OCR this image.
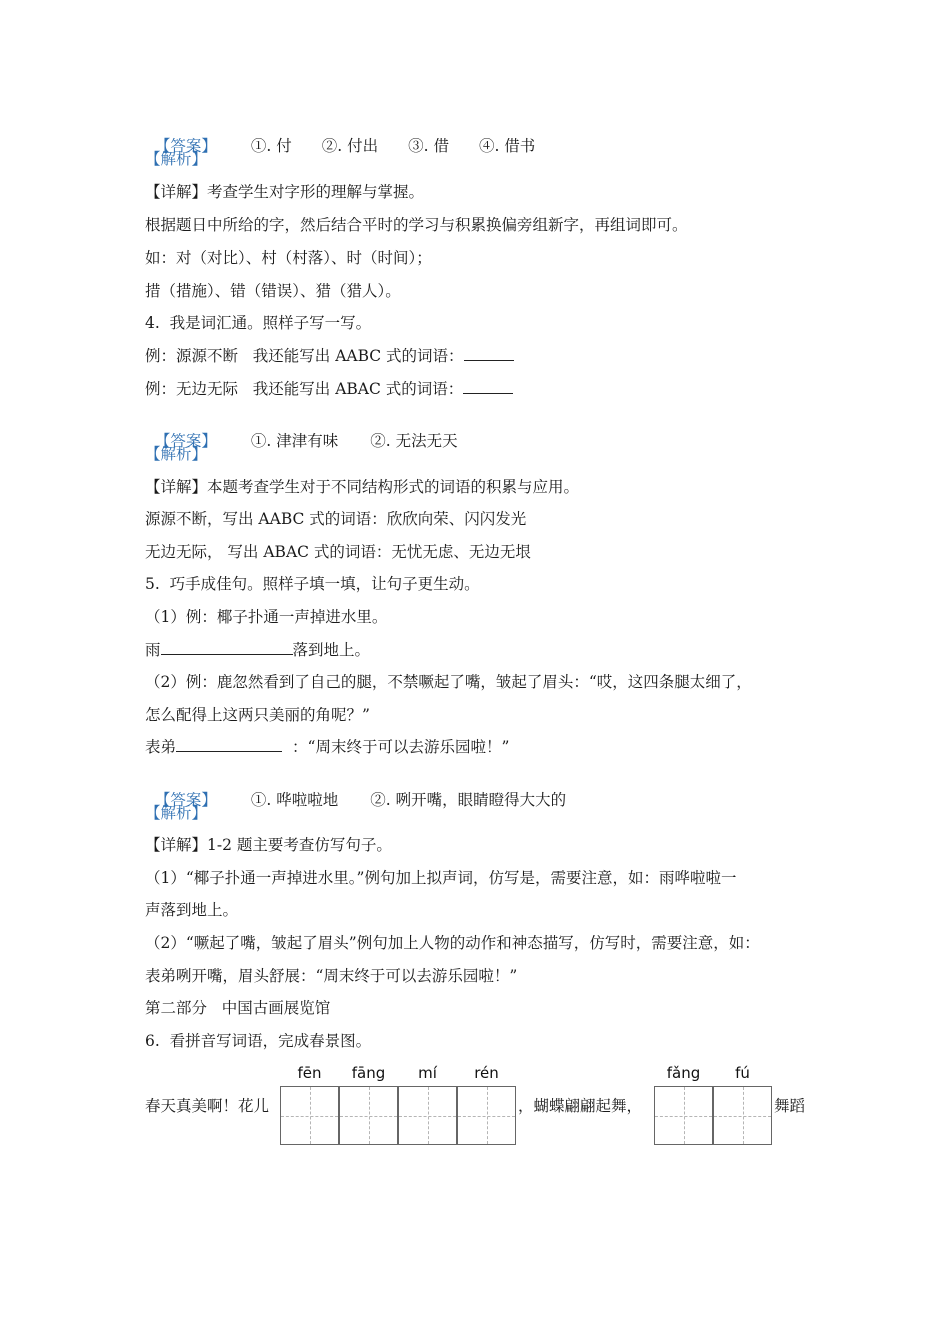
【答案】 ①. 付 ②. 付出 ③. 借 ④. 借书

【解析】
【详解】考查学生对字形的理解与掌握。
根据题日中所给的字，然后结合平时的学习与积累换偏旁组新字，再组词即可。
如：对（对比）、村（村落）、时（时间）；
措（措施）、错（错误）、猎（猎人）。
4.  我是词汇通。照样子写一写。
例：源源不断   我还能写出 AABC 式的词语：
例：无边无际   我还能写出 ABAC 式的词语：

【答案】 ①. 津津有味 ②. 无法无天

【解析】
【详解】本题考查学生对于不同结构形式的词语的积累与应用。
源源不断，写出 AABC 式的词语：欣欣向荣、闪闪发光
无边无际， 写出 ABAC 式的词语：无忧无虑、无边无垠
5.  巧手成佳句。照样子填一填，让句子更生动。
（1）例：椰子扑通一声掉进水里。
雨	落到地上。
（2）例：鹿忽然看到了自己的腿，不禁噘起了嘴，皱起了眉头：“哎，这四条腿太细了，
怎么配得上这两只美丽的角呢？”
表弟	：“周末终于可以去游乐园啦！”

【答案】 ①. 哗啦啦地 ②. 咧开嘴，眼睛瞪得大大的

【解析】
【详解】1-2 题主要考查仿写句子。
（1）“椰子扑通一声掉进水里。”例句加上拟声词，仿写是，需要注意，如：雨哗啦啦一
声落到地上。
（2）“噘起了嘴，皱起了眉头”例句加上人物的动作和神态描写，仿写时，需要注意，如：
表弟咧开嘴，眉头舒展：“周末终于可以去游乐园啦！”
第二部分   中国古画展览馆
6.  看拼音写词语，完成春景图。
fēn	fāng	mí	rén	fǎng	fú
春天真美啊！花儿	，蝴蝶翩翩起舞，	舞蹈
